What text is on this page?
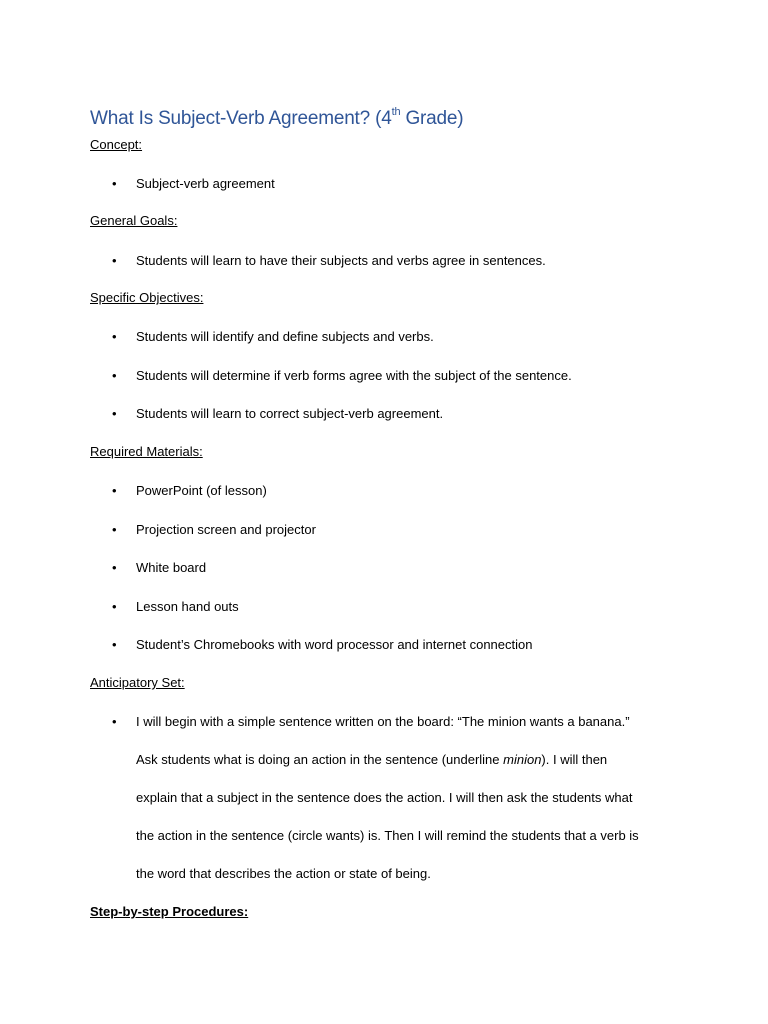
What Is Subject-Verb Agreement? (4th Grade)
Concept:
• Subject-verb agreement
General Goals:
• Students will learn to have their subjects and verbs agree in sentences.
Specific Objectives:
• Students will identify and define subjects and verbs.
• Students will determine if verb forms agree with the subject of the sentence.
• Students will learn to correct subject-verb agreement.
Required Materials:
• PowerPoint (of lesson)
• Projection screen and projector
• White board
• Lesson hand outs
• Student’s Chromebooks with word processor and internet connection
Anticipatory Set:
• I will begin with a simple sentence written on the board: “The minion wants a banana.”
Ask students what is doing an action in the sentence (underline minion). I will then
explain that a subject in the sentence does the action. I will then ask the students what
the action in the sentence (circle wants) is. Then I will remind the students that a verb is
the word that describes the action or state of being.
Step-by-step Procedures:
